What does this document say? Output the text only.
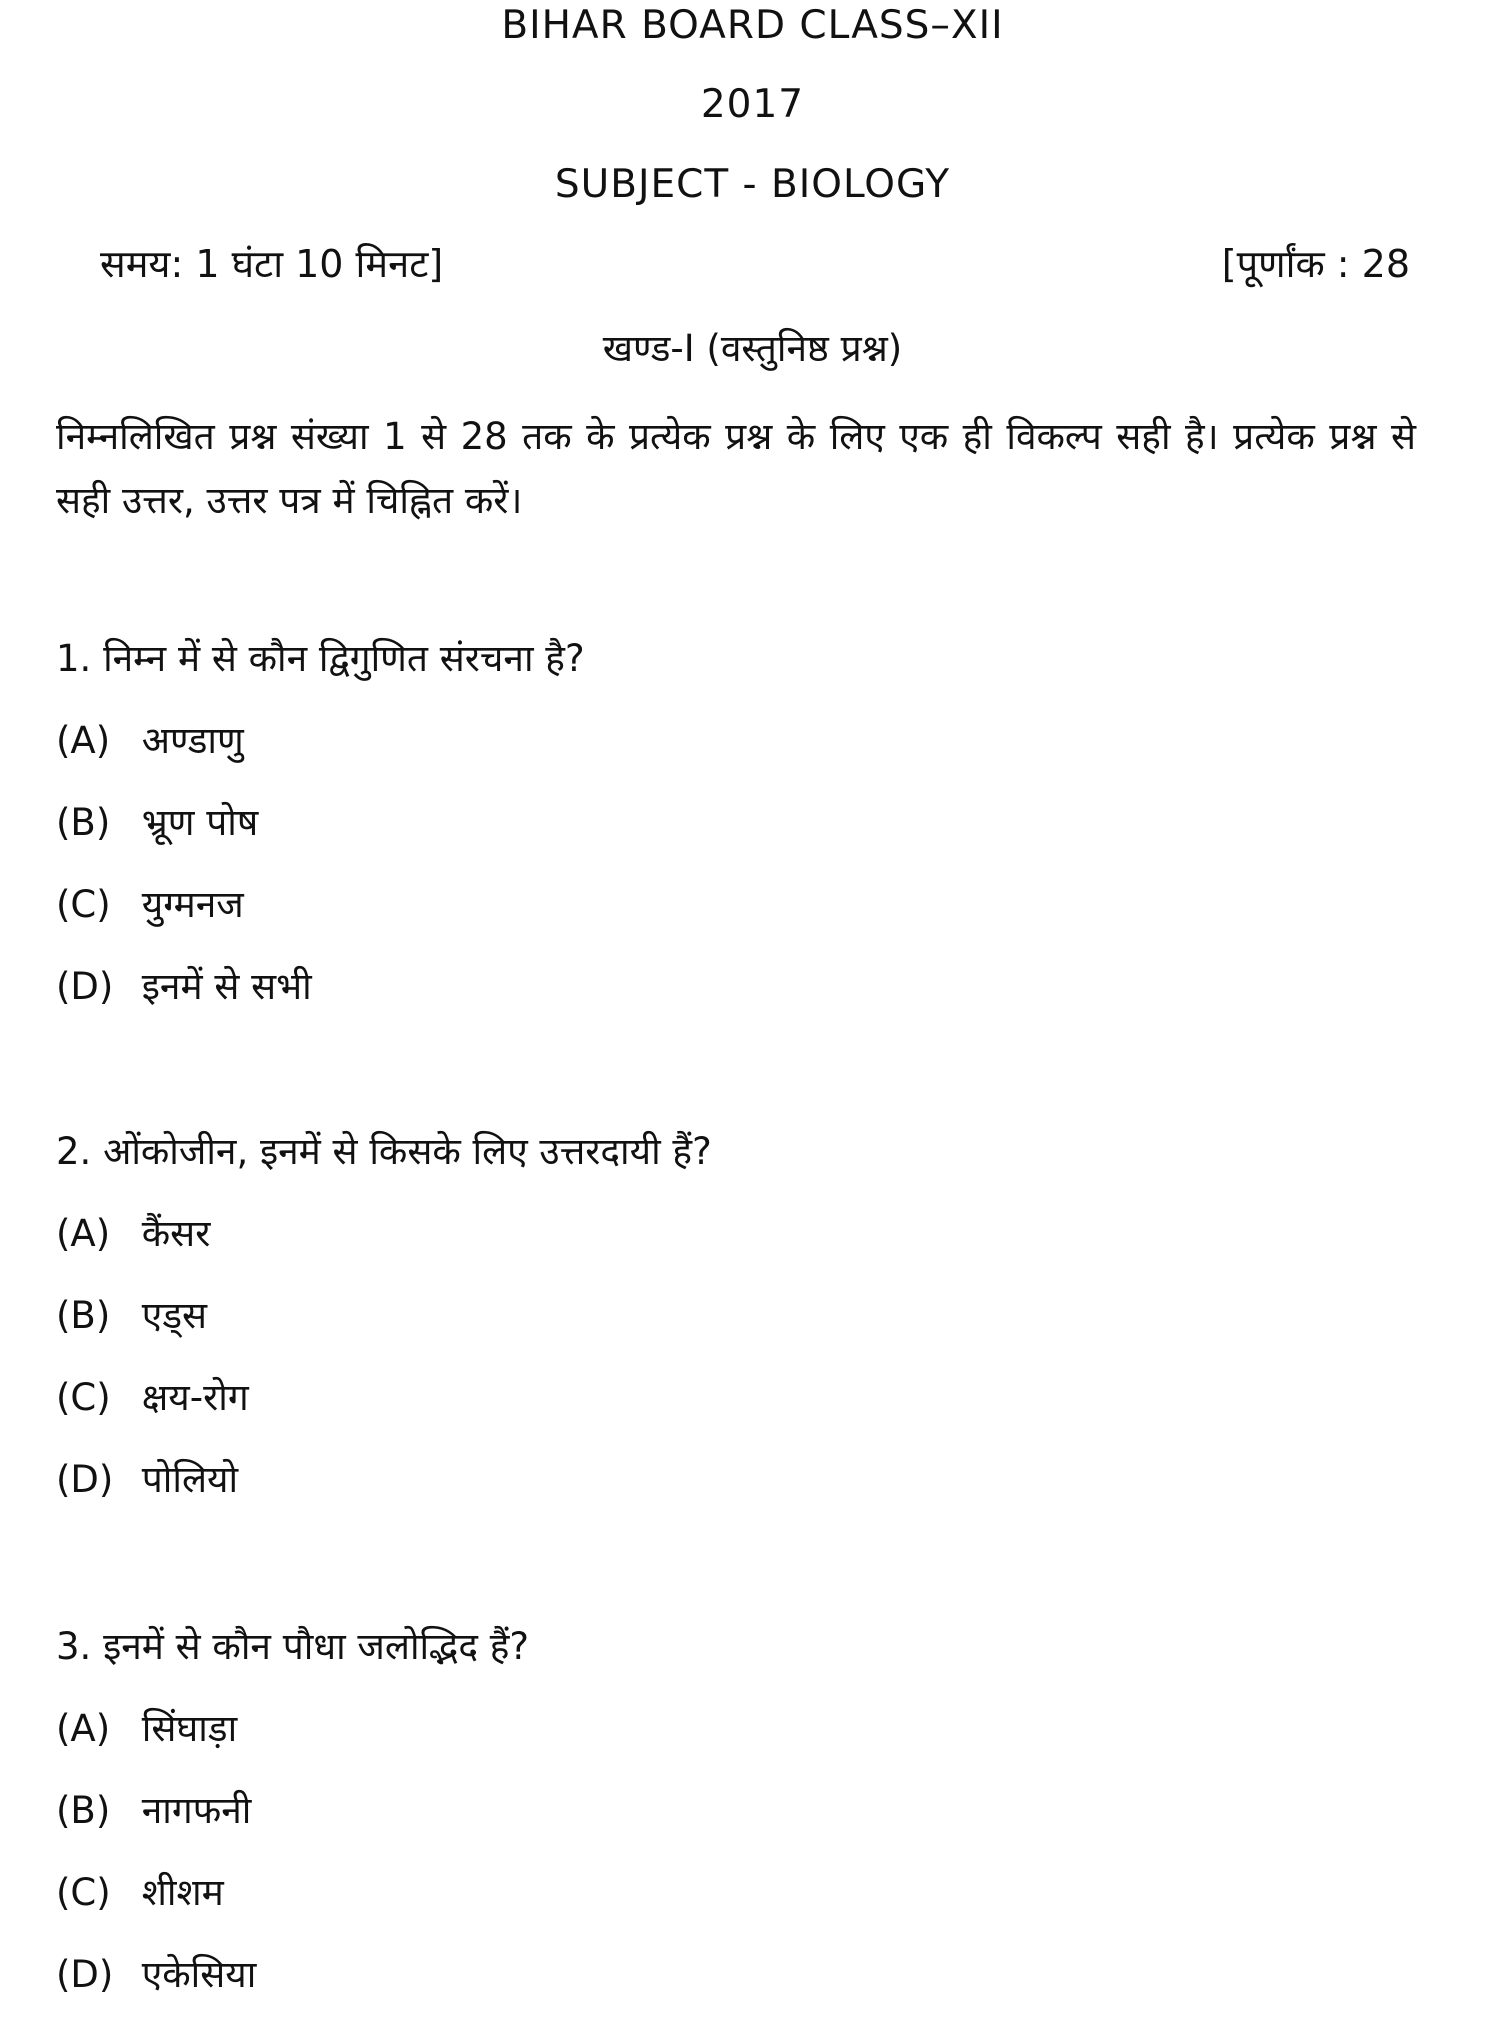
BIHAR BOARD CLASS–XII
2017
SUBJECT - BIOLOGY
समय: 1 घंटा 10 मिनट]	[पूर्णांक : 28
खण्ड-I (वस्तुनिष्ठ प्रश्न)
निम्नलिखित प्रश्न संख्या 1 से 28 तक के प्रत्येक प्रश्न के लिए एक ही विकल्प सही है। प्रत्येक प्रश्न से सही उत्तर, उत्तर पत्र में चिह्नित करें।
1. निम्न में से कौन द्विगुणित संरचना है?
(A) अण्डाणु
(B) भ्रूण पोष
(C) युग्मनज
(D) इनमें से सभी
2. ओंकोजीन, इनमें से किसके लिए उत्तरदायी हैं?
(A) कैंसर
(B) एड्स
(C) क्षय-रोग
(D) पोलियो
3. इनमें से कौन पौधा जलोद्भिद हैं?
(A) सिंघाड़ा
(B) नागफनी
(C) शीशम
(D) एकेसिया
